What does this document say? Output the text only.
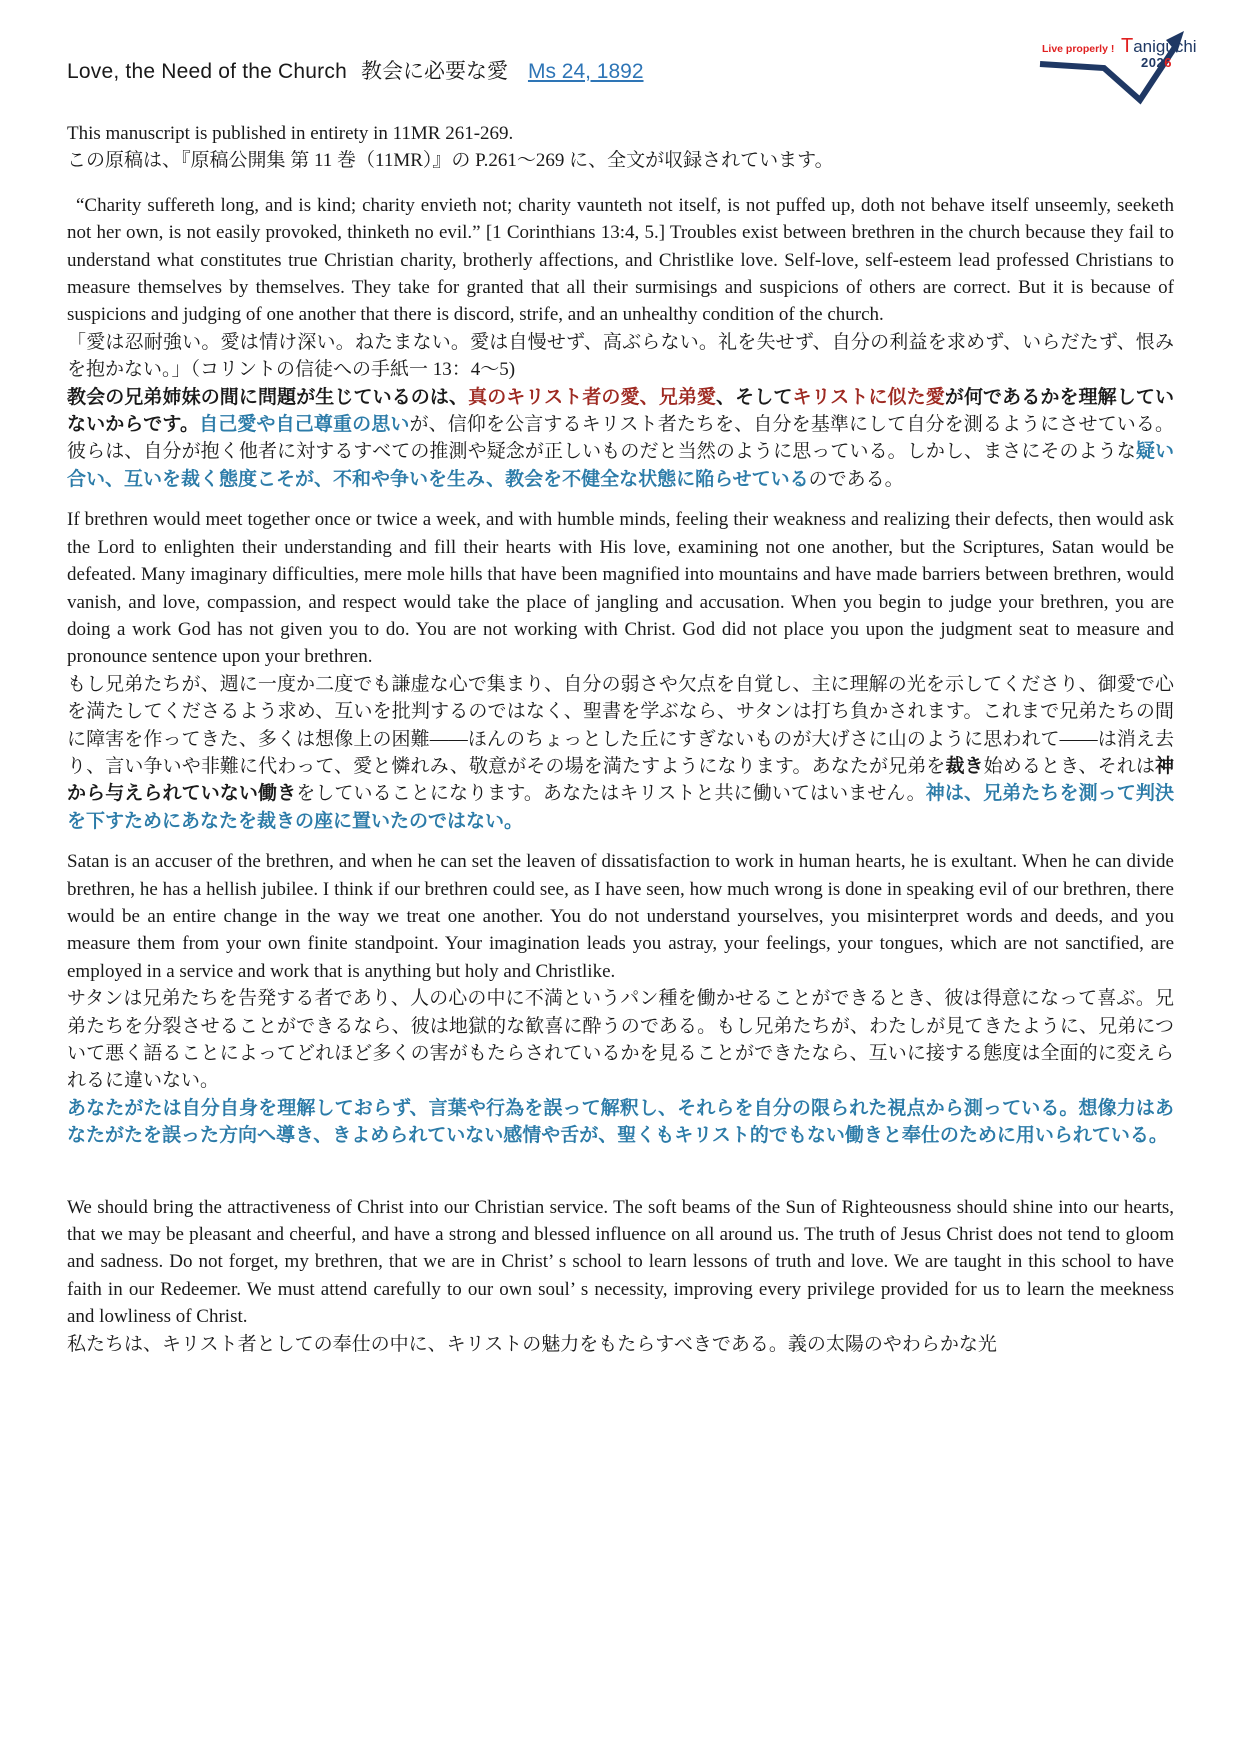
Live properly ! Taniguchi
2026
Love, the Need of the Church 教会に必要な愛 Ms 24, 1892
This manuscript is published in entirety in 11MR 261-269.
この原稿は、『原稿公開集 第 11 巻（11MR）』の P.261～269 に、全文が収録されています。
“Charity suffereth long, and is kind; charity envieth not; charity vaunteth not itself, is not puffed up, doth not behave itself unseemly, seeketh not her own, is not easily provoked, thinketh no evil.” [1 Corinthians 13:4, 5.] Troubles exist between brethren in the church because they fail to understand what constitutes true Christian charity, brotherly affections, and Christlike love. Self-love, self-esteem lead professed Christians to measure themselves by themselves. They take for granted that all their surmisings and suspicions of others are correct. But it is because of suspicions and judging of one another that there is discord, strife, and an unhealthy condition of the church.
「愛は忍耐強い。愛は情け深い。ねたまない。愛は自慢せず、高ぶらない。礼を失せず、自分の利益を求めず、いらだたず、恨みを抱かない。」（コリントの信徒への手紙一 13：4～5)
教会の兄弟姉妹の間に問題が生じているのは、真のキリスト者の愛、兄弟愛、そしてキリストに似た愛が何であるかを理解していないからです。自己愛や自己尊重の思いが、信仰を公言するキリスト者たちを、自分を基準にして自分を測るようにさせている。彼らは、自分が抱く他者に対するすべての推測や疑念が正しいものだと当然のように思っている。しかし、まさにそのような疑い合い、互いを裁く態度こそが、不和や争いを生み、教会を不健全な状態に陥らせているのである。
If brethren would meet together once or twice a week, and with humble minds, feeling their weakness and realizing their defects, then would ask the Lord to enlighten their understanding and fill their hearts with His love, examining not one another, but the Scriptures, Satan would be defeated. Many imaginary difficulties, mere mole hills that have been magnified into mountains and have made barriers between brethren, would vanish, and love, compassion, and respect would take the place of jangling and accusation. When you begin to judge your brethren, you are doing a work God has not given you to do. You are not working with Christ. God did not place you upon the judgment seat to measure and pronounce sentence upon your brethren.
もし兄弟たちが、週に一度か二度でも謙虚な心で集まり、自分の弱さや欠点を自覚し、主に理解の光を示してくださり、御愛で心を満たしてくださるよう求め、互いを批判するのではなく、聖書を学ぶなら、サタンは打ち負かされます。これまで兄弟たちの間に障害を作ってきた、多くは想像上の困難——ほんのちょっとした丘にすぎないものが大げさに山のように思われて——は消え去り、言い争いや非難に代わって、愛と憐れみ、敬意がその場を満たすようになります。あなたが兄弟を裁き始めるとき、それは神から与えられていない働きをしていることになります。あなたはキリストと共に働いてはいません。神は、兄弟たちを測って判決を下すためにあなたを裁きの座に置いたのではない。
Satan is an accuser of the brethren, and when he can set the leaven of dissatisfaction to work in human hearts, he is exultant. When he can divide brethren, he has a hellish jubilee. I think if our brethren could see, as I have seen, how much wrong is done in speaking evil of our brethren, there would be an entire change in the way we treat one another. You do not understand yourselves, you misinterpret words and deeds, and you measure them from your own finite standpoint. Your imagination leads you astray, your feelings, your tongues, which are not sanctified, are employed in a service and work that is anything but holy and Christlike.
サタンは兄弟たちを告発する者であり、人の心の中に不満というパン種を働かせることができるとき、彼は得意になって喜ぶ。兄弟たちを分裂させることができるなら、彼は地獄的な歓喜に酔うのである。もし兄弟たちが、わたしが見てきたように、兄弟について悪く語ることによってどれほど多くの害がもたらされているかを見ることができたなら、互いに接する態度は全面的に変えられるに違いない。
あなたがたは自分自身を理解しておらず、言葉や行為を誤って解釈し、それらを自分の限られた視点から測っている。想像力はあなたがたを誤った方向へ導き、きよめられていない感情や舌が、聖くもキリスト的でもない働きと奉仕のために用いられている。
We should bring the attractiveness of Christ into our Christian service. The soft beams of the Sun of Righteousness should shine into our hearts, that we may be pleasant and cheerful, and have a strong and blessed influence on all around us. The truth of Jesus Christ does not tend to gloom and sadness. Do not forget, my brethren, that we are in Christ’ s school to learn lessons of truth and love. We are taught in this school to have faith in our Redeemer. We must attend carefully to our own soul’ s necessity, improving every privilege provided for us to learn the meekness and lowliness of Christ.
私たちは、キリスト者としての奉仕の中に、キリストの魅力をもたらすべきである。義の太陽のやわらかな光
